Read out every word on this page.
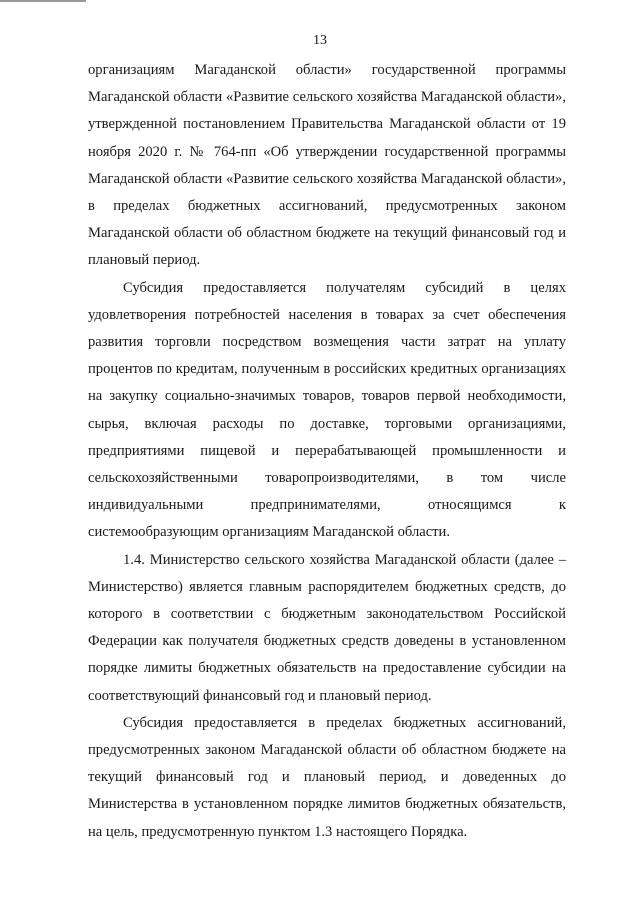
13

организациям Магаданской области» государственной программы Магаданской области «Развитие сельского хозяйства Магаданской области», утвержденной постановлением Правительства Магаданской области от 19 ноября 2020 г. № 764-пп «Об утверждении государственной программы Магаданской области «Развитие сельского хозяйства Магаданской области», в пределах бюджетных ассигнований, предусмотренных законом Магаданской области об областном бюджете на текущий финансовый год и плановый период.

Субсидия предоставляется получателям субсидий в целях удовлетворения потребностей населения в товарах за счет обеспечения развития торговли посредством возмещения части затрат на уплату процентов по кредитам, полученным в российских кредитных организациях на закупку социально-значимых товаров, товаров первой необходимости, сырья, включая расходы по доставке, торговыми организациями, предприятиями пищевой и перерабатывающей промышленности и сельскохозяйственными товаропроизводителями, в том числе индивидуальными предпринимателями, относящимся к системообразующим организациям Магаданской области.

1.4. Министерство сельского хозяйства Магаданской области (далее – Министерство) является главным распорядителем бюджетных средств, до которого в соответствии с бюджетным законодательством Российской Федерации как получателя бюджетных средств доведены в установленном порядке лимиты бюджетных обязательств на предоставление субсидии на соответствующий финансовый год и плановый период.

Субсидия предоставляется в пределах бюджетных ассигнований, предусмотренных законом Магаданской области об областном бюджете на текущий финансовый год и плановый период, и доведенных до Министерства в установленном порядке лимитов бюджетных обязательств, на цель, предусмотренную пунктом 1.3 настоящего Порядка.
